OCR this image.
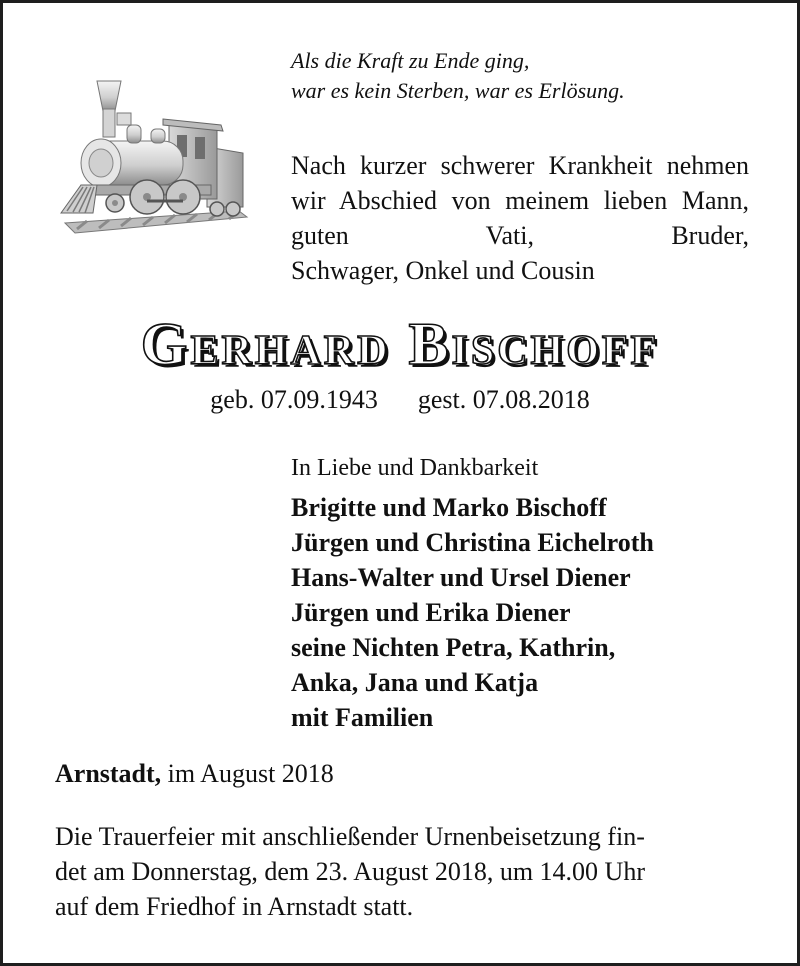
Als die Kraft zu Ende ging,
war es kein Sterben, war es Erlösung.
Nach kurzer schwerer Krankheit nehmen wir Abschied von meinem lieben Mann, guten Vati, Bruder,
Schwager, Onkel und Cousin
Gerhard Bischoff
geb. 07.09.1943 gest. 07.08.2018
In Liebe und Dankbarkeit
Brigitte und Marko Bischoff
Jürgen und Christina Eichelroth
Hans-Walter und Ursel Diener
Jürgen und Erika Diener
seine Nichten Petra, Kathrin,
Anka, Jana und Katja
mit Familien
Arnstadt, im August 2018
Die Trauerfeier mit anschließender Urnenbeisetzung fin-
det am Donnerstag, dem 23. August 2018, um 14.00 Uhr
auf dem Friedhof in Arnstadt statt.
